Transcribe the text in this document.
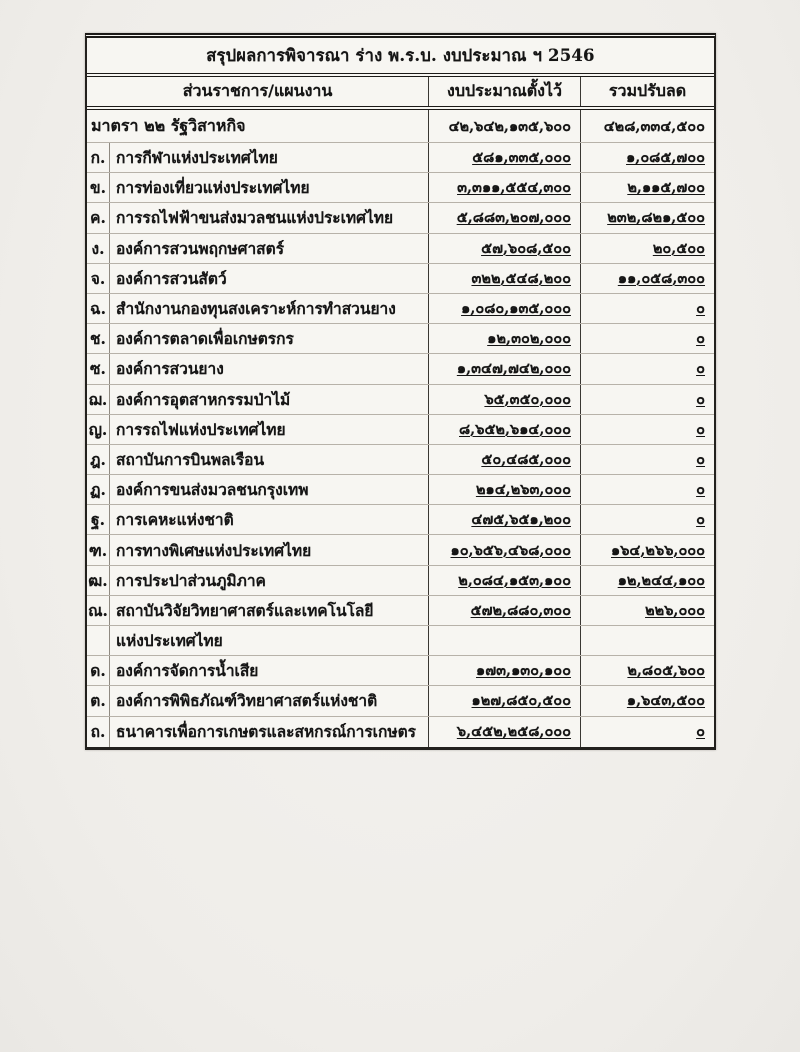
สรุปผลการพิจารณา ร่าง พ.ร.บ. งบประมาณ ฯ 2546
ส่วนราชการ/แผนงาน	งบประมาณตั้งไว้	รวมปรับลด
มาตรา ๒๒ รัฐวิสาหกิจ	๔๒,๖๔๒,๑๓๕,๖๐๐ ๔๒๘,๓๓๔,๕๐๐
ก. การกีฬาแห่งประเทศไทย	๕๘๑,๓๓๕,๐๐๐	๑,๐๘๕,๗๐๐
ข. การท่องเที่ยวแห่งประเทศไทย	๓,๓๑๑,๕๕๔,๓๐๐	๒,๑๑๕,๗๐๐
ค. การรถไฟฟ้าขนส่งมวลชนแห่งประเทศไทย	๕,๘๘๓,๒๐๗,๐๐๐	๒๓๒,๘๒๑,๕๐๐
ง. องค์การสวนพฤกษศาสตร์	๕๗,๖๐๘,๕๐๐	๒๐,๕๐๐
จ. องค์การสวนสัตว์	๓๒๒,๕๔๘,๒๐๐	๑๑,๐๕๘,๓๐๐
ฉ. สำนักงานกองทุนสงเคราะห์การทำสวนยาง	๑,๐๘๐,๑๓๕,๐๐๐	๐
ช. องค์การตลาดเพื่อเกษตรกร	๑๒,๓๐๒,๐๐๐	๐
ซ. องค์การสวนยาง	๑,๓๔๗,๗๔๒,๐๐๐	๐
ฌ. องค์การอุตสาหกรรมป่าไม้	๖๕,๓๕๐,๐๐๐	๐
ญ. การรถไฟแห่งประเทศไทย	๘,๖๕๒,๖๑๔,๐๐๐	๐
ฎ. สถาบันการบินพลเรือน	๕๐,๔๘๕,๐๐๐	๐
ฏ. องค์การขนส่งมวลชนกรุงเทพ	๒๑๔,๒๖๓,๐๐๐	๐
ฐ. การเคหะแห่งชาติ	๔๗๕,๖๕๑,๒๐๐	๐
ฑ. การทางพิเศษแห่งประเทศไทย	๑๐,๖๕๖,๔๖๘,๐๐๐	๑๖๔,๒๖๖,๐๐๐
ฒ. การประปาส่วนภูมิภาค	๒,๐๘๔,๑๕๓,๑๐๐	๑๒,๒๔๔,๑๐๐
ณ. สถาบันวิจัยวิทยาศาสตร์และเทคโนโลยี	๕๗๒,๘๘๐,๓๐๐	๒๒๖,๐๐๐
แห่งประเทศไทย
ด. องค์การจัดการน้ำเสีย	๑๗๓,๑๓๐,๑๐๐	๒,๘๐๕,๖๐๐
ต. องค์การพิพิธภัณฑ์วิทยาศาสตร์แห่งชาติ	๑๒๗,๘๕๐,๕๐๐	๑,๖๔๓,๕๐๐
ถ. ธนาคารเพื่อการเกษตรและสหกรณ์การเกษตร	๖,๔๕๒,๒๕๘,๐๐๐	๐
